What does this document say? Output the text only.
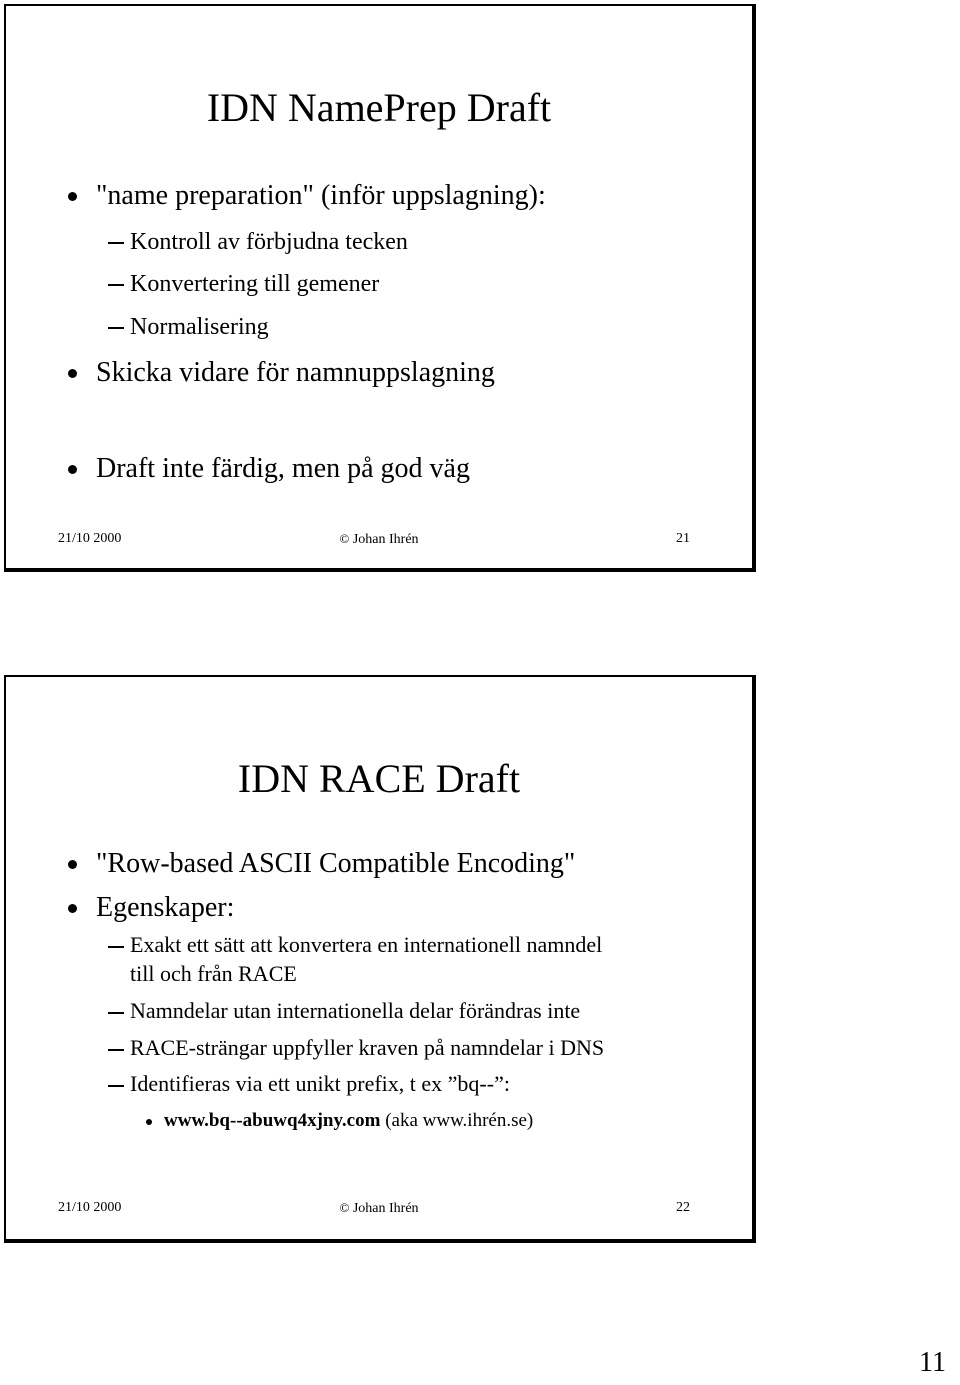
IDN NamePrep Draft
"name preparation" (inför uppslagning):
Kontroll av förbjudna tecken
Konvertering till gemener
Normalisering
Skicka vidare för namnuppslagning
Draft inte färdig, men på god väg
21/10 2000	© Johan Ihrén	21
IDN RACE Draft
"Row-based ASCII Compatible Encoding"
Egenskaper:
Exakt ett sätt att konvertera en internationell namndel
till och från RACE
Namndelar utan internationella delar förändras inte
RACE-strängar uppfyller kraven på namndelar i DNS
Identifieras via ett unikt prefix, t ex ”bq--”:
www.bq--abuwq4xjny.com (aka www.ihrén.se)
21/10 2000	© Johan Ihrén	22
11
